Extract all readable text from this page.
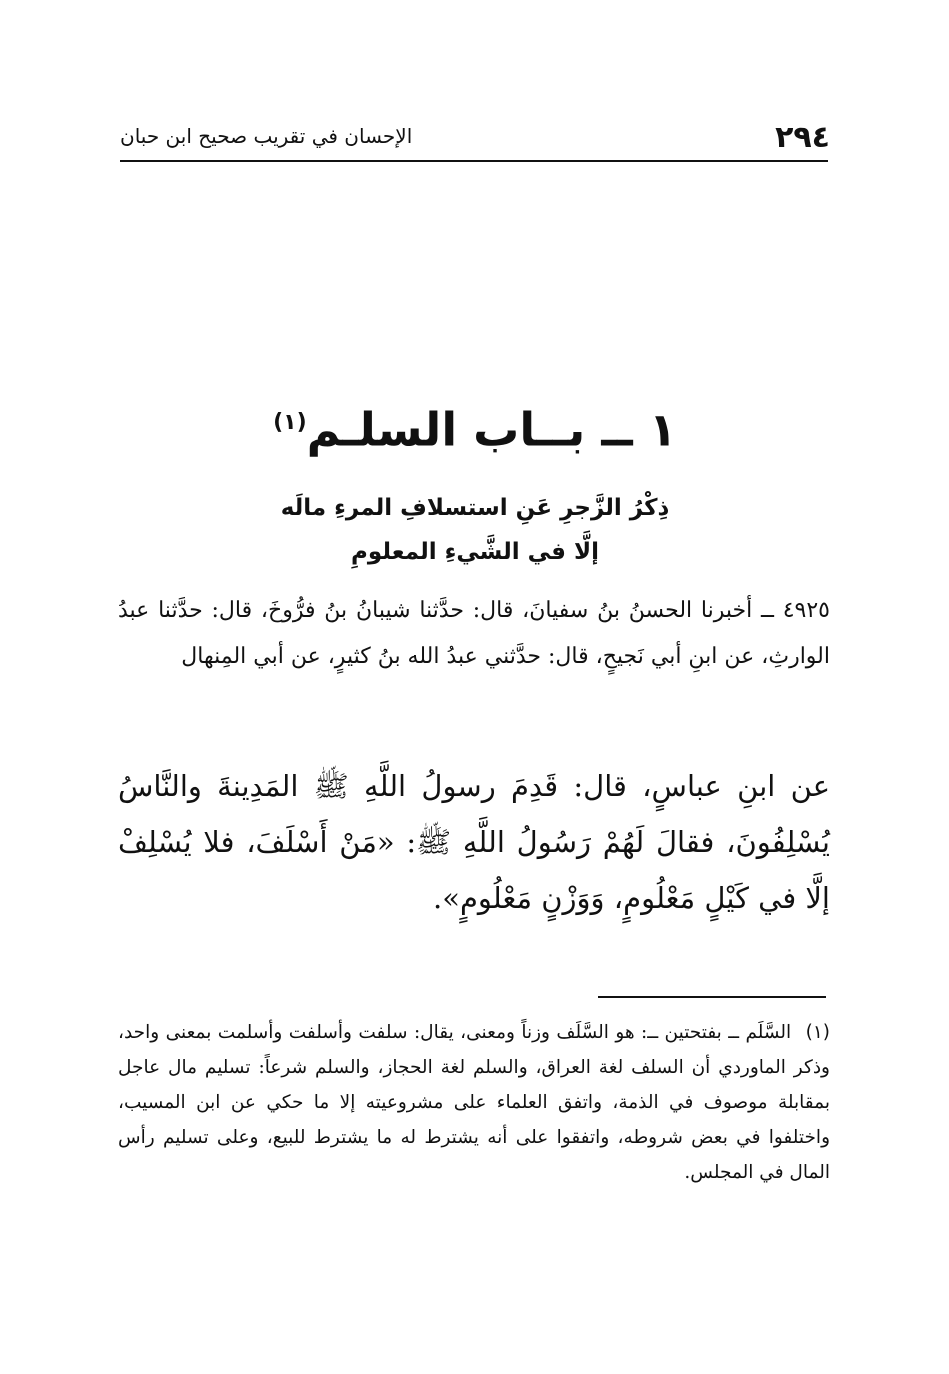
٢٩٤
الإحسان في تقريب صحيح ابن حبان
١ ــ بــاب السلـم$^{(١)}$
ذِكْرُ الزَّجرِ عَنِ استسلافِ المرءِ مالَه
إلَّا في الشَّيءِ المعلومِ
٤٩٢٥ ــ أخبرنا الحسنُ بنُ سفيانَ، قال: حدَّثنا شيبانُ بنُ فرُّوخَ، قال: حدَّثنا عبدُ الوارثِ، عن ابنِ أبي نَجيحٍ، قال: حدَّثني عبدُ الله بنُ كثيرٍ، عن أبي المِنهال
عن ابنِ عباسٍ، قال: قَدِمَ رسولُ اللَّهِ ﷺ المَدِينةَ والنَّاسُ يُسْلِفُونَ، فقالَ لَهُمْ رَسُولُ اللَّهِ ﷺ: «مَنْ أَسْلَفَ، فلا يُسْلِفْ إلَّا في كَيْلٍ مَعْلُومٍ، وَوَزْنٍ مَعْلُومٍ».
(١) السَّلَم ــ بفتحتين ــ: هو السَّلَف وزناً ومعنى، يقال: سلفت وأسلفت وأسلمت بمعنى واحد، وذكر الماوردي أن السلف لغة العراق، والسلم لغة الحجاز، والسلم شرعاً: تسليم مال عاجل بمقابلة موصوف في الذمة، واتفق العلماء على مشروعيته إلا ما حكي عن ابن المسيب، واختلفوا في بعض شروطه، واتفقوا على أنه يشترط له ما يشترط للبيع، وعلى تسليم رأس المال في المجلس.
